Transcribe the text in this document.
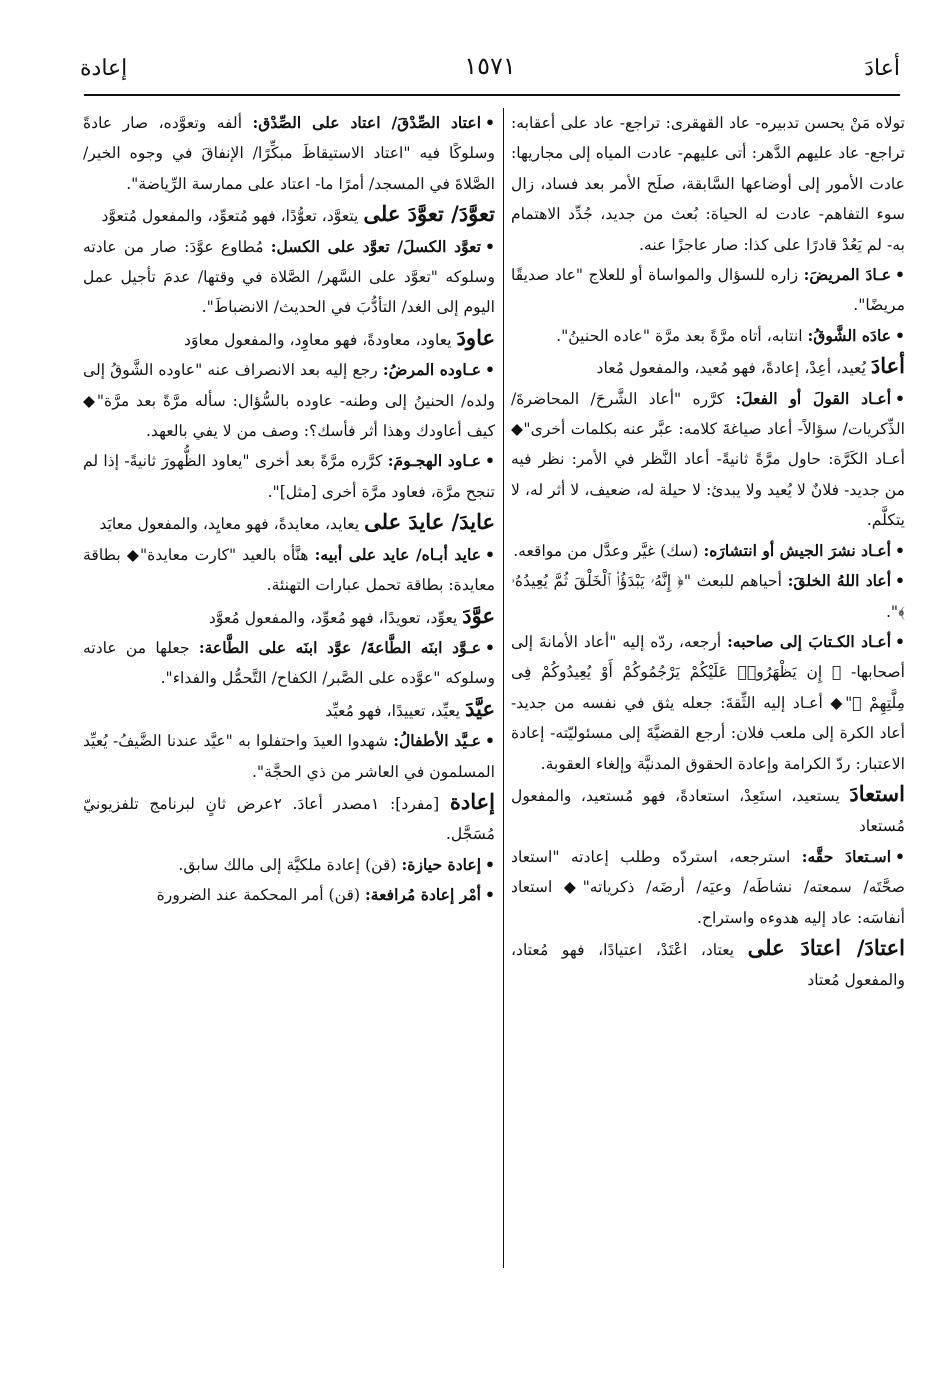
أعادَ
١٥٧١
إعادة

تولاه مَنْ يحسن تدبيره- عاد القهقرى: تراجع- عاد على أعقابه: تراجع- عاد عليهم الدَّهر: أتى عليهم- عادت المياه إلى مجاريها: عادت الأمور إلى أوضاعها السَّابقة، صلَح الأمر بعد فساد، زال سوء التفاهم- عادت له الحياة: بُعث من جديد، جُدِّد الاهتمام به- لم يَعُدْ قادرًا على كذا: صار عاجزًا عنه.

•عـادَ المريضَ: زاره للسؤال والمواساة أو للعلاج "عاد صديقًا مريضًا".

•عادَه الشَّوقُ: انتابه، أتاه مرَّةً بعد مرَّة "عاده الحنينُ".

أعادَ يُعيد، أعِدْ، إعادةً، فهو مُعيد، والمفعول مُعاد

•أعـاد القولَ أو الفعلَ: كرَّره "أعاد الشَّرحَ/ المحاضرةَ/ الذِّكريات/ سؤالاً- أعاد صياغةَ كلامه: عبَّر عنه بكلمات أخرى"◆ أعـاد الكَرَّة: حاول مرَّةً ثانيةً- أعاد النَّظر في الأمر: نظر فيه من جديد- فلانٌ لا يُعيد ولا يبدئ: لا حيلة له، ضعيف، لا أثر له، لا يتكلَّم.

•أعـاد نشرَ الجيش أو انتشارَه: (سك) غيَّر وعدَّل من مواقعه.

•أعاد اللهُ الخلقَ: أحياهم للبعث "﴿ إِنَّهُۥ يَبْدَؤُا۟ ٱلْخَلْقَ ثُمَّ يُعِيدُهُۥ ﴾".

•أعـاد الكـتابَ إلى صاحبه: أرجعه، ردّه إليه "أعاد الأمانةَ إلى أصحابها- ﴿ إِن يَظْهَرُوا۟ عَلَيْكُمْ يَرْجُمُوكُمْ أَوْ يُعِيدُوكُمْ فِى مِلَّتِهِمْ ﴾"◆ أعـاد إليه الثِّقةَ: جعله يثق في نفسه من جديد- أعاد الكرة إلى ملعب فلان: أرجع القضيَّةَ إلى مسئوليّته- إعادة الاعتبار: ردّ الكرامة وإعادة الحقوق المدنيَّة وإلغاء العقوبة.

استعادَ يستعيد، استَعِدْ، استعادةً، فهو مُستعيد، والمفعول مُستعاد

•اسـتعادَ حقَّه: استرجعه، استردّه وطلب إعادته "استعاد صحَّتَه/ سمعته/ نشاطَه/ وعيَه/ أرضَه/ ذكرياته"◆ استعاد أنفاسَه: عاد إليه هدوءه واستراح.

اعتادَ/ اعتادَ على يعتاد، اعْتَدْ، اعتيادًا، فهو مُعتاد، والمفعول مُعتاد

•اعتاد الصِّدْقَ/ اعتاد على الصِّدْق: ألفه وتعوَّده، صار عادةً وسلوكًا فيه "اعتاد الاستيقاظَ مبكِّرًا/ الإنفاقَ في وجوه الخير/ الصَّلاةَ في المسجد/ أمرًا ما- اعتاد على ممارسة الرِّياضة".

تعوَّدَ/ تعوَّدَ على يتعوَّد، تعوُّدًا، فهو مُتعوِّد، والمفعول مُتعوَّد

•تعوَّد الكسلَ/ تعوَّد على الكسل: مُطاوع عوَّدَ: صار من عادته وسلوكه "تعوَّد على السَّهر/ الصَّلاة في وقتها/ عدمَ تأجيل عمل اليوم إلى الغد/ التأدُّبَ في الحديث/ الانضباطَ".

عاودَ يعاود، معاودةً، فهو معاوِد، والمفعول معاوَد

•عـاوده المرضُ: رجع إليه بعد الانصراف عنه "عاوده الشَّوقُ إلى ولده/ الحنينُ إلى وطنه- عاوده بالسُّؤال: سأله مرَّةً بعد مرَّة"◆ كيف أعاودك وهذا أثر فأسك؟: وصف من لا يفي بالعهد.

•عـاود الهجـومَ: كرَّره مرَّةً بعد أخرى "يعاود الظُّهورَ ثانيةً- إذا لم تنجح مرَّة، فعاود مرَّة أخرى [مثل]".

عايدَ/ عايدَ على يعايد، معايدةً، فهو معايِد، والمفعول معايَد

•عايد أبـاه/ عايد على أبيه: هنَّأه بالعيد "كارت معايدة"◆ بطاقة معايدة: بطاقة تحمل عبارات التهنئة.

عوَّدَ يعوِّد، تعويدًا، فهو مُعوِّد، والمفعول مُعوَّد

•عـوَّد ابنَه الطَّاعةَ/ عوَّد ابنَه على الطَّاعة: جعلها من عادته وسلوكه "عوَّده على الصَّبر/ الكفاح/ التَّحمُّل والفداء".

عيَّدَ يعيِّد، تعييدًا، فهو مُعيِّد

•عـيَّد الأطفالُ: شهدوا العيدَ واحتفلوا به "عيَّد عندنا الضَّيفُ- يُعيِّد المسلمون في العاشر من ذي الحجَّة".

إعادة [مفرد]: ١مصدر أعادَ. ٢عرض ثانٍ لبرنامج تلفزيونيّ مُسَجَّل.

•إعادة حيازة: (قن) إعادة ملكيَّة إلى مالك سابق.

•أمْر إعادة مُرافعة: (قن) أمر المحكمة عند الضرورة
